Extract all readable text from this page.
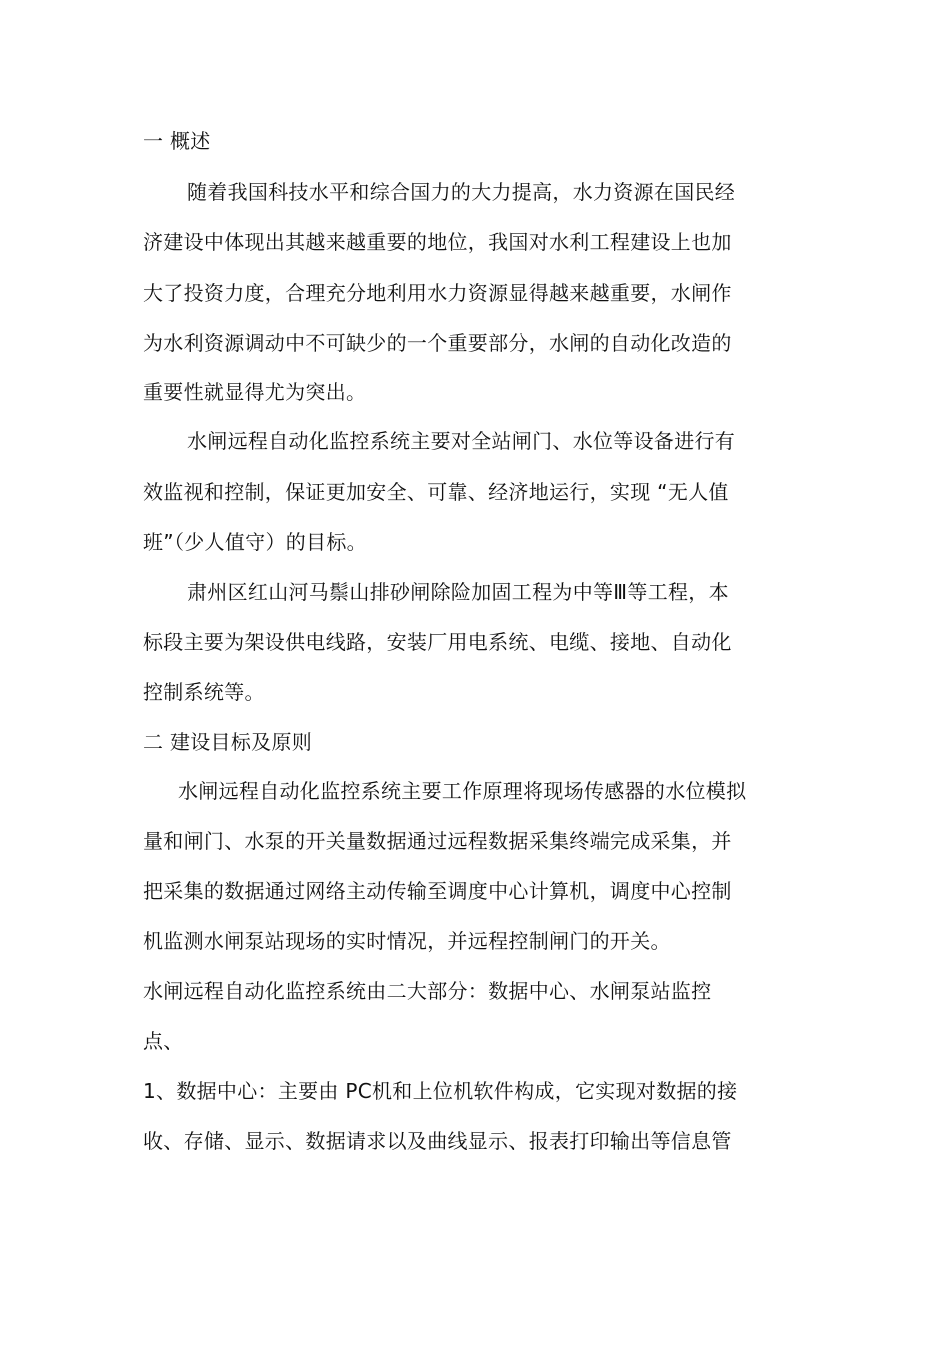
一 概述
随着我国科技水平和综合国力的大力提高，水力资源在国民经
济建设中体现出其越来越重要的地位，我国对水利工程建设上也加
大了投资力度，合理充分地利用水力资源显得越来越重要，水闸作
为水利资源调动中不可缺少的一个重要部分，水闸的自动化改造的
重要性就显得尤为突出。
水闸远程自动化监控系统主要对全站闸门、水位等设备进行有
效监视和控制，保证更加安全、可靠、经济地运行，实现 “无人值
班”（少人值守）的目标。
肃州区红山河马鬃山排砂闸除险加固工程为中等Ⅲ等工程，本
标段主要为架设供电线路，安装厂用电系统、电缆、接地、自动化
控制系统等。
二 建设目标及原则
水闸远程自动化监控系统主要工作原理将现场传感器的水位模拟
量和闸门、水泵的开关量数据通过远程数据采集终端完成采集，并
把采集的数据通过网络主动传输至调度中心计算机，调度中心控制
机监测水闸泵站现场的实时情况，并远程控制闸门的开关。
水闸远程自动化监控系统由二大部分：数据中心、水闸泵站监控
点、
1、数据中心：主要由 PC机和上位机软件构成，它实现对数据的接
收、存储、显示、数据请求以及曲线显示、报表打印输出等信息管
